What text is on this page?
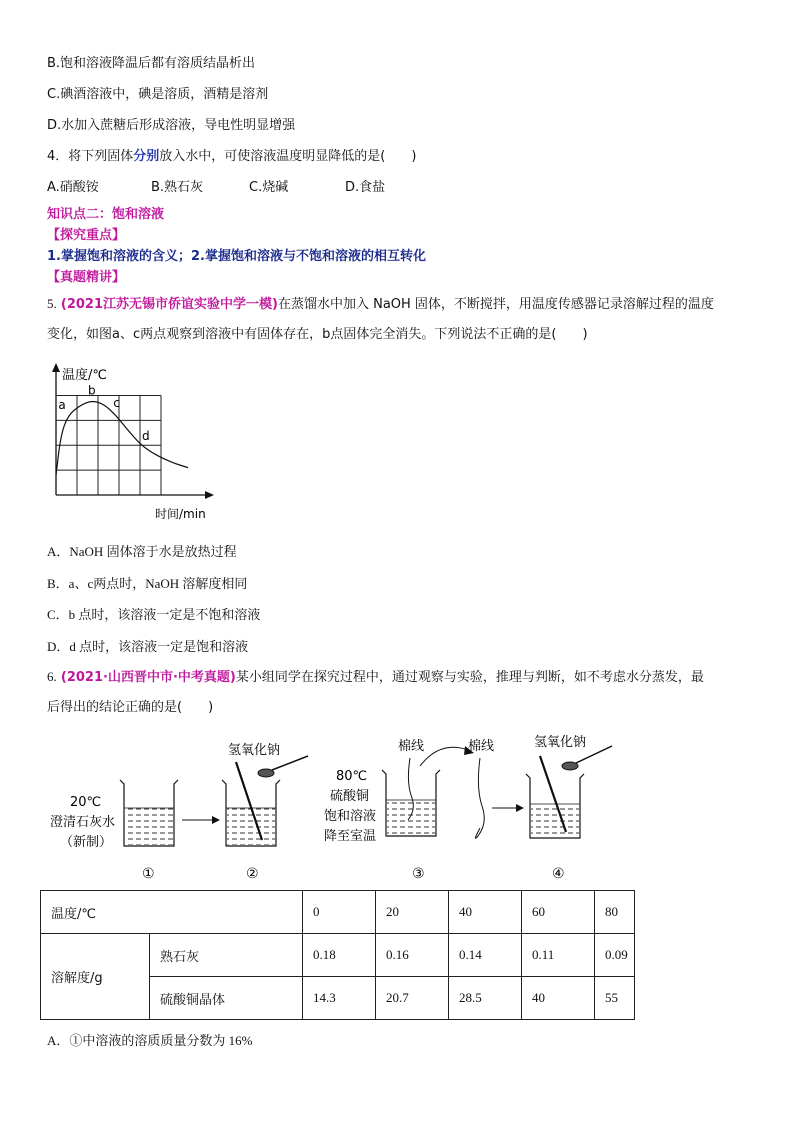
B.饱和溶液降温后都有溶质结晶析出
C.碘酒溶液中，碘是溶质，酒精是溶剂
D.水加入蔗糖后形成溶液，导电性明显增强
4．将下列固体分别放入水中，可使溶液温度明显降低的是(　　)
A.硝酸铵	B.熟石灰	C.烧碱	D.食盐
知识点二：饱和溶液
【探究重点】
1.掌握饱和溶液的含义；2.掌握饱和溶液与不饱和溶液的相互转化
【真题精讲】
5. (2021江苏无锡市侨谊实验中学一模)在蒸馏水中加入 NaOH 固体，不断搅拌，用温度传感器记录溶解过程的温度
变化，如图a、c两点观察到溶液中有固体存在，b点固体完全消失。下列说法不正确的是(　　)
a
b
c
d
温度/℃
时间/min
A．NaOH 固体溶于水是放热过程
B．a、c两点时，NaOH 溶解度相同
C．b 点时，该溶液一定是不饱和溶液
D．d 点时，该溶液一定是饱和溶液
6. (2021·山西晋中市·中考真题)某小组同学在探究过程中，通过观察与实验，推理与判断，如不考虑水分蒸发，最
后得出的结论正确的是(　　)
20℃
澄清石灰水
（新制）
氢氧化钠
80℃
硫酸铜
饱和溶液
降至室温
棉线	棉线	氢氧化钠
①	②	③	④
温度/℃		0	20	40	60	80
溶解度/g	熟石灰	0.18	0.16	0.14	0.11	0.09
	硫酸铜晶体	14.3	20.7	28.5	40	55
A．①中溶液的溶质质量分数为 16%
